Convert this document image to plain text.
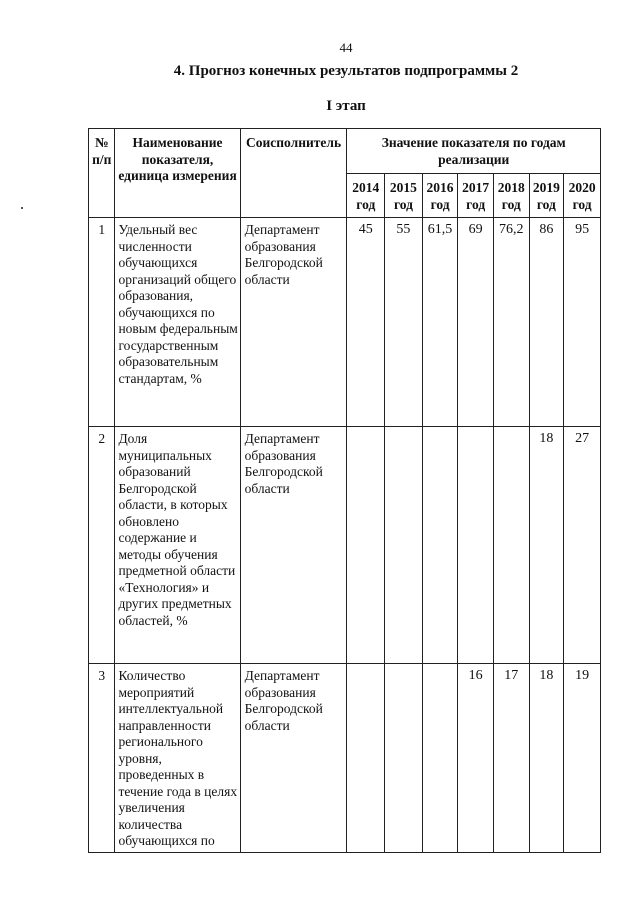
44
4. Прогноз конечных результатов подпрограммы 2
I этап
№ п/п	Наименование показателя, единица измерения	Соисполнитель	Значение показателя по годам реализации						
			2014 год	2015 год	2016 год	2017 год	2018 год	2019 год	2020 год
1	Удельный вес численности обучающихся организаций общего образования, обучающихся по новым федеральным государственным образовательным стандартам, %	Департамент образования Белгородской области	45	55	61,5	69	76,2	86	95
2	Доля муниципальных образований Белгородской области, в которых обновлено содержание и методы обучения предметной области «Технология» и других предметных областей, %	Департамент образования Белгородской области						18	27
3	Количество мероприятий интеллектуальной направленности регионального уровня, проведенных в течение года в целях увеличения количества обучающихся по	Департамент образования Белгородской области				16	17	18	19
